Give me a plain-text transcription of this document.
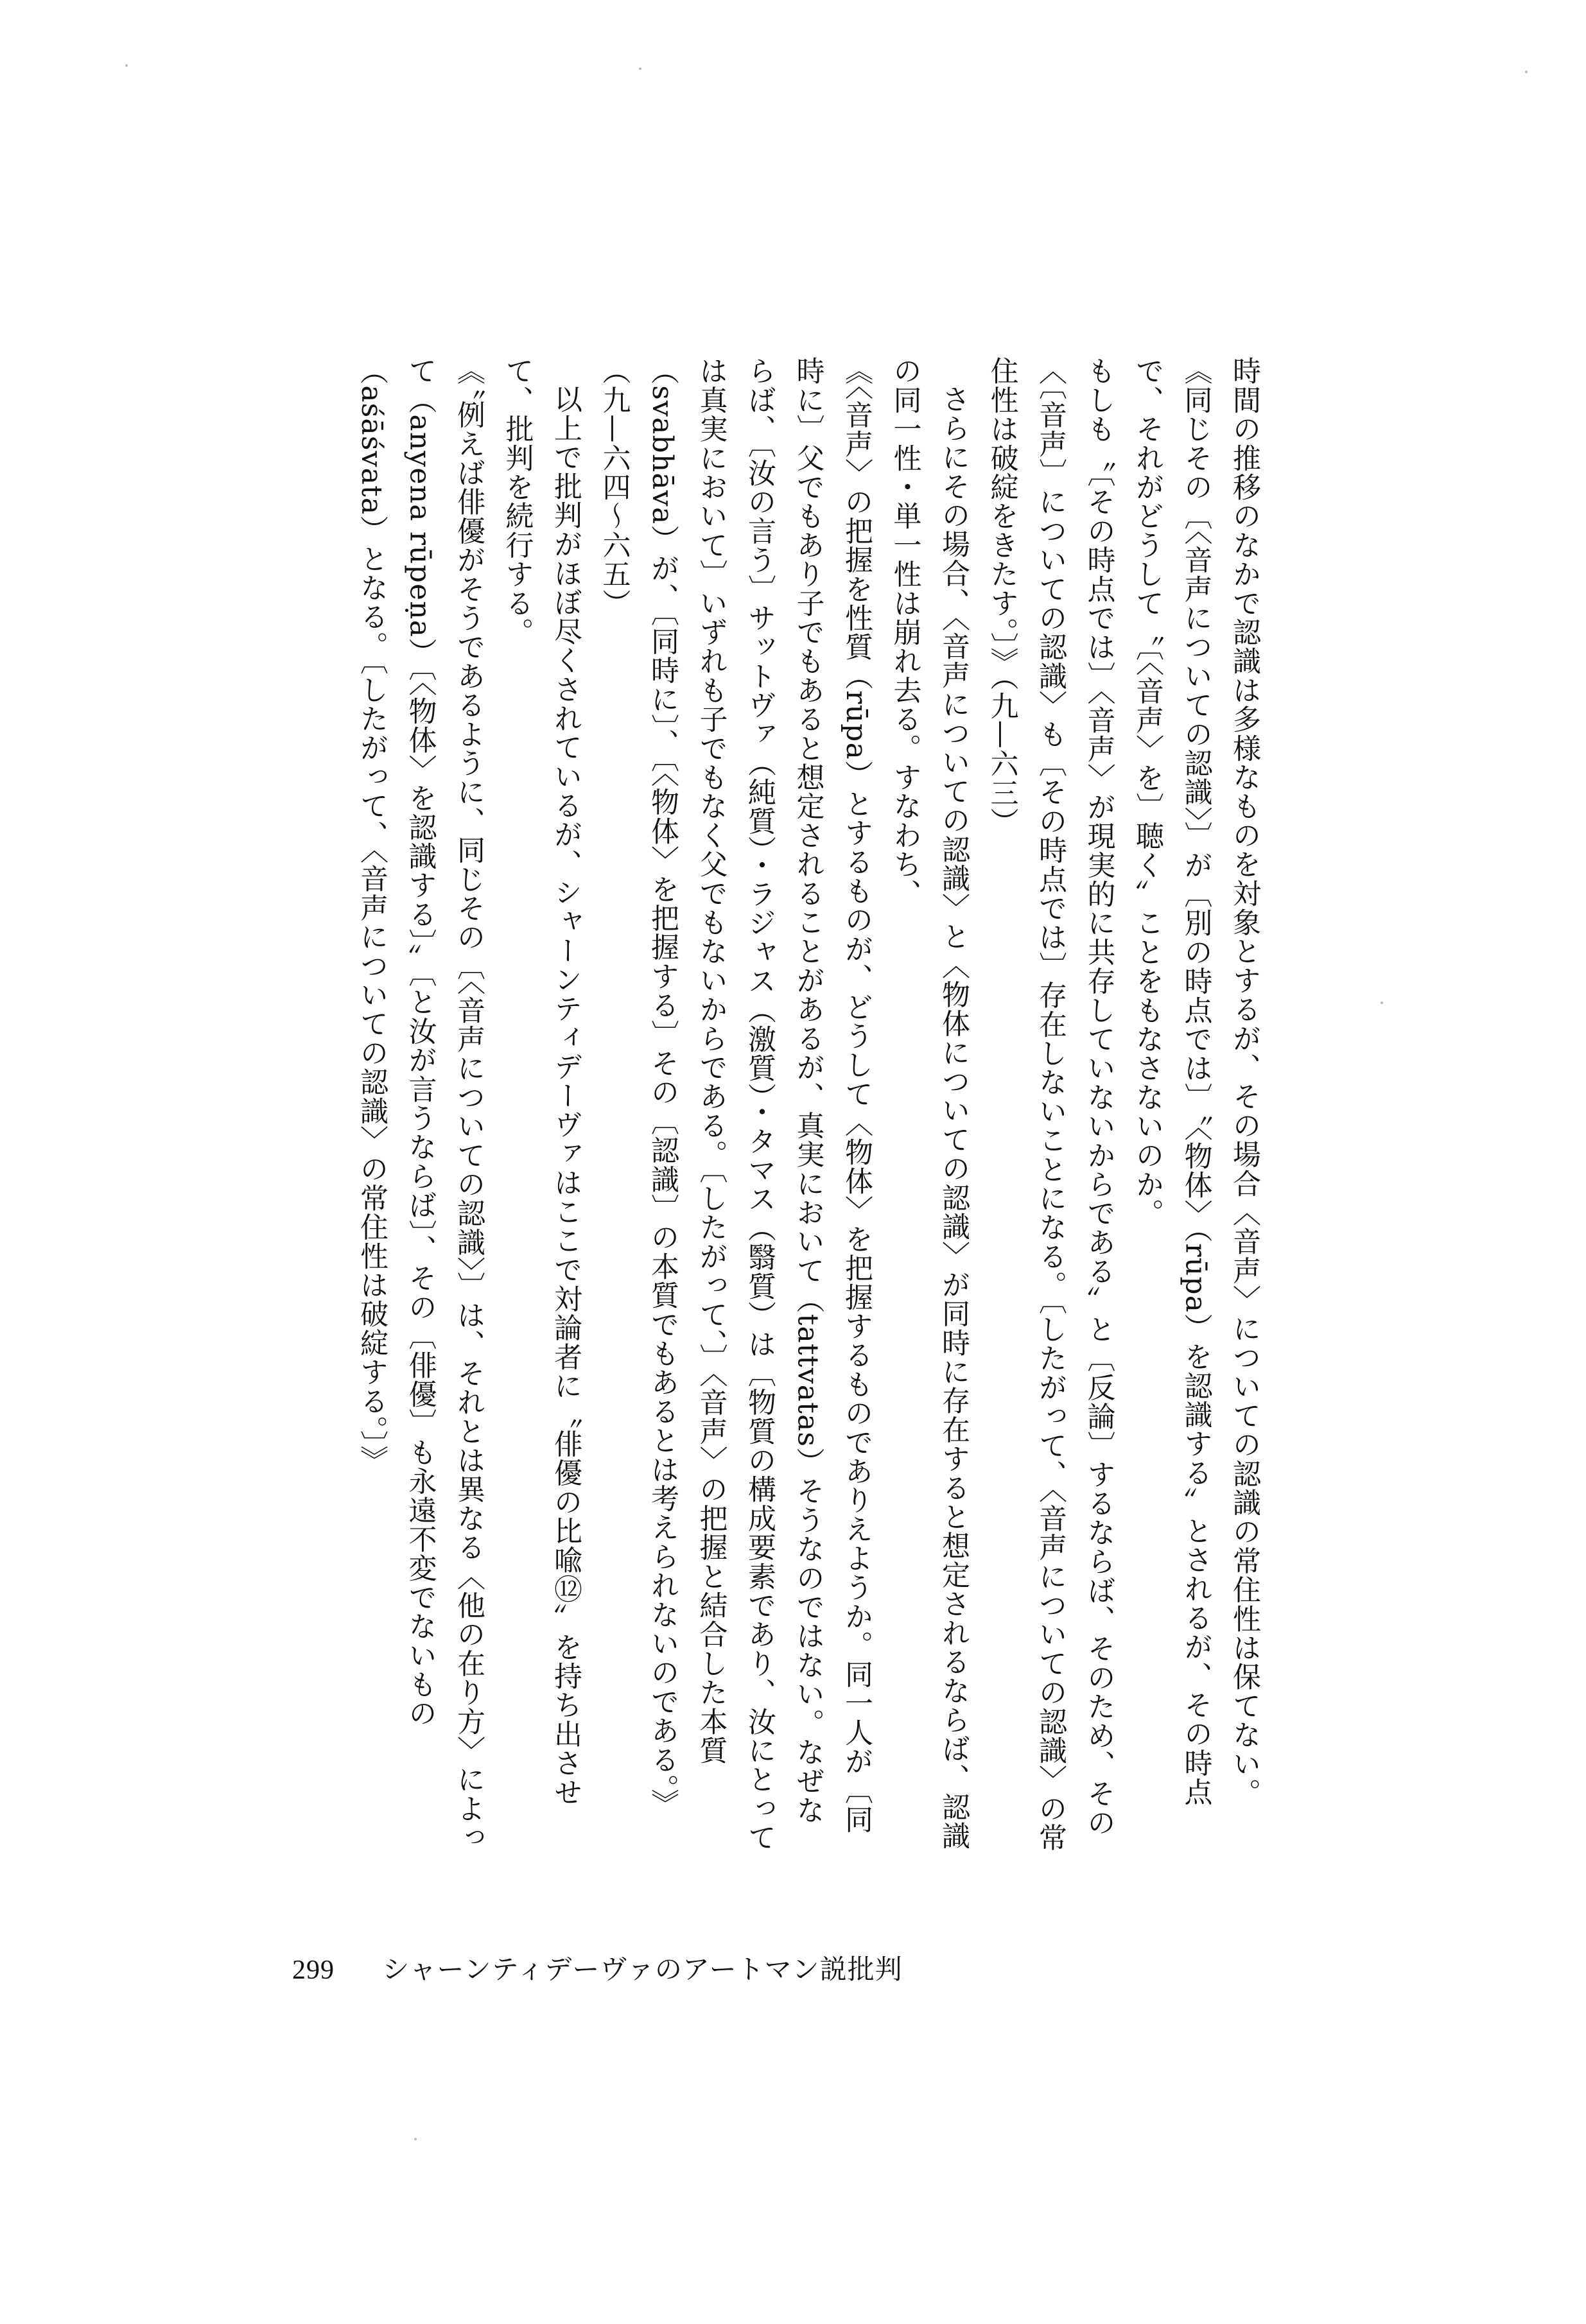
時間の推移のなかで認識は多様なものを対象とするが、その場合〈音声〉についての認識の常住性は保てない。

《同じその〔〈音声についての認識〉〕が〔別の時点では〕〝〈物体〉（rūpa）を認識する〟とされるが、その時点で、それがどうして〝〔〈音声〉を〕聴く〟ことをもなさないのか。

もしも〝〔その時点では〕〈音声〉が現実的に共存していないからである〟と〔反論〕するならば、そのため、その〈〔音声〕についての認識〉も〔その時点では〕存在しないことになる。〔したがって、〈音声についての認識〉の常住性は破綻をきたす。〕》（九—六三）

さらにその場合、〈音声についての認識〉と〈物体についての認識〉が同時に存在すると想定されるならば、認識の同一性・単一性は崩れ去る。すなわち、

《〈音声〉の把握を性質（rūpa）とするものが、どうして〈物体〉を把握するものでありえようか。同一人が〔同時に〕父でもあり子でもあると想定されることがあるが、真実において（tattvatas）そうなのではない。なぜならば、〔汝の言う〕サットヴァ（純質）・ラジャス（激質）・タマス（翳質）は〔物質の構成要素であり、汝にとっては真実において〕いずれも子でもなく父でもないからである。〔したがって、〕〈音声〉の把握と結合した本質（svabhāva）が、〔同時に〕、〔〈物体〉を把握する〕その〔認識〕の本質でもあるとは考えられないのである。》（九—六四〜六五）

以上で批判がほぼ尽くされているが、シャーンティデーヴァはここで対論者に〝俳優の比喩⑫〟を持ち出させて、批判を続行する。

《〝例えば俳優がそうであるように、同じその〔〈音声についての認識〉〕は、それとは異なる〈他の在り方〉によって（anyena rūpeṇa）〔〈物体〉を認識する〕〟〔と汝が言うならば〕、その〔俳優〕も永遠不変でないもの（aśāśvata）となる。〔したがって、〈音声についての認識〉の常住性は破綻する。〕》

299 シャーンティデーヴァのアートマン説批判
